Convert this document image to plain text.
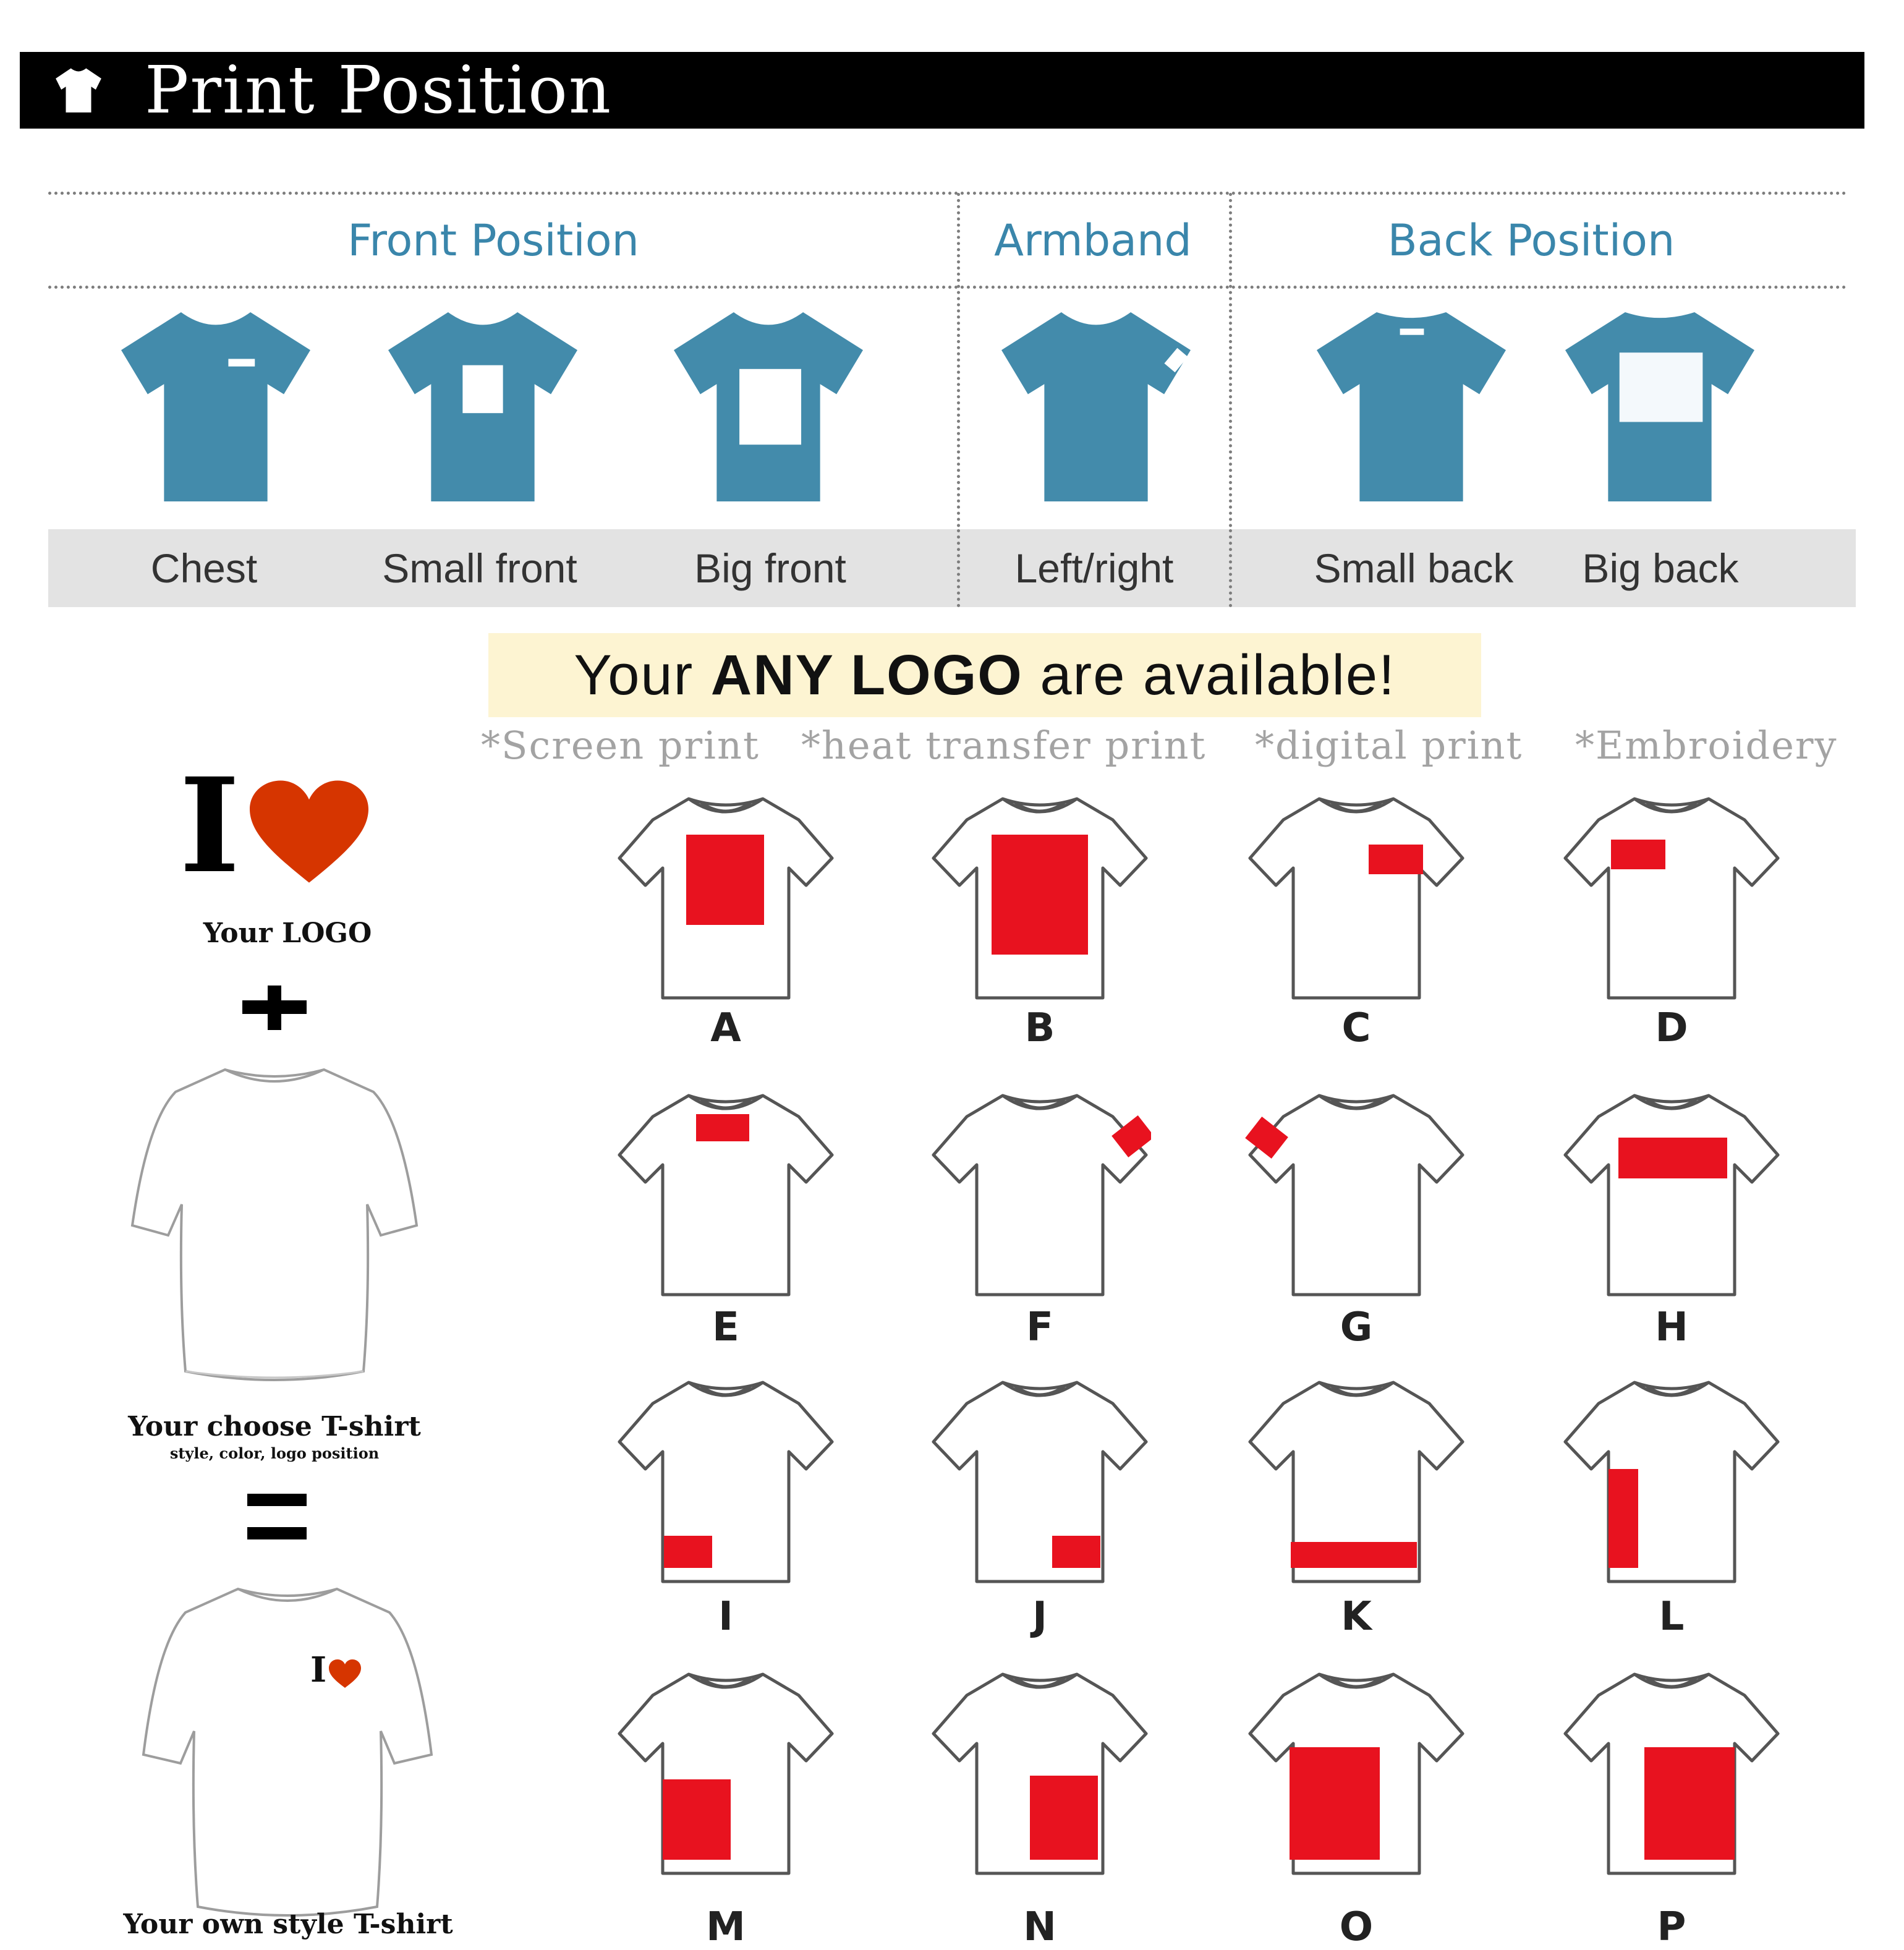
Print Position
Front Position	Armband	Back Position
Chest	Small front	Big front	Left/right	Small back	Big back
Your ANY LOGO are available!
*Screen print *heat transfer print *digital print *Embroidery
I
Your LOGO
Your choose T-shirt
style, color, logo position
I
Your own style T-shirt
A	B	C	D
E	F	G	H
I	J	K	L
M	N	O	P
